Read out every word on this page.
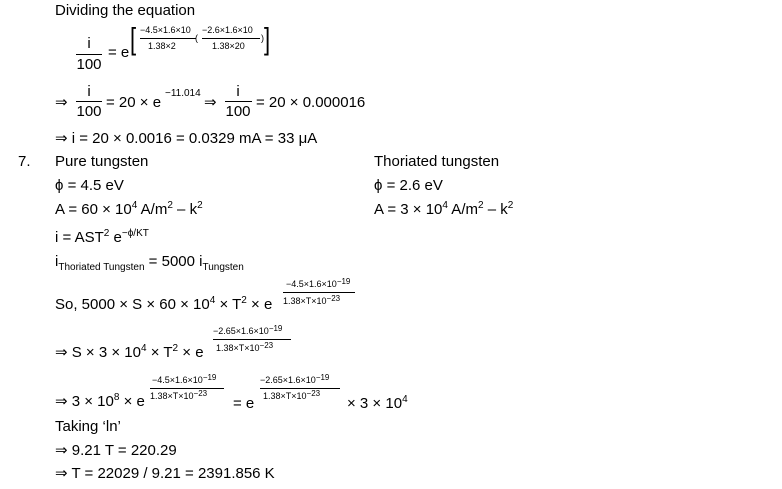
Dividing the equation
i
100
= e [ −4.5×1.6×10
1.38×2
(
−2.6×1.6×10
1.38×20
) ]
⇒
i
100
= 20 × e
−11.014
⇒
i
100
= 20 × 0.000016
⇒ i = 20 × 0.0016 = 0.0329 mA = 33 μA
7. Pure tungsten	Thoriated tungsten
ϕ = 4.5 eV	ϕ = 2.6 eV
$A = 60 \times 10^4$ $A/m^2 - k^2$	$A = 3 \times 10^4$ $A/m^2 - k^2$
$i = AST^2$ $e^{-\phi/KT}$
$i_{Thoriated Tungsten} = 5000$ $i_{Tungsten}$
So, $5000 \times S \times 60 \times 10^4 \times T^2 \times e$
−4.5×1.6×10−19
1.38×T×10−23
⇒ $S \times 3 \times 10^4 \times T^2 \times e$
−2.65×1.6×10−19
1.38×T×10−23
⇒ $3 \times 10^8 \times e$
−4.5×1.6×10−19
1.38×T×10−23
= e
−2.65×1.6×10−19
1.38×T×10−23
× $3 \times 10^4$
Taking ‘ln’
⇒ 9.21 T = 220.29
⇒ T = 22029 / 9.21 = 2391.856 K
